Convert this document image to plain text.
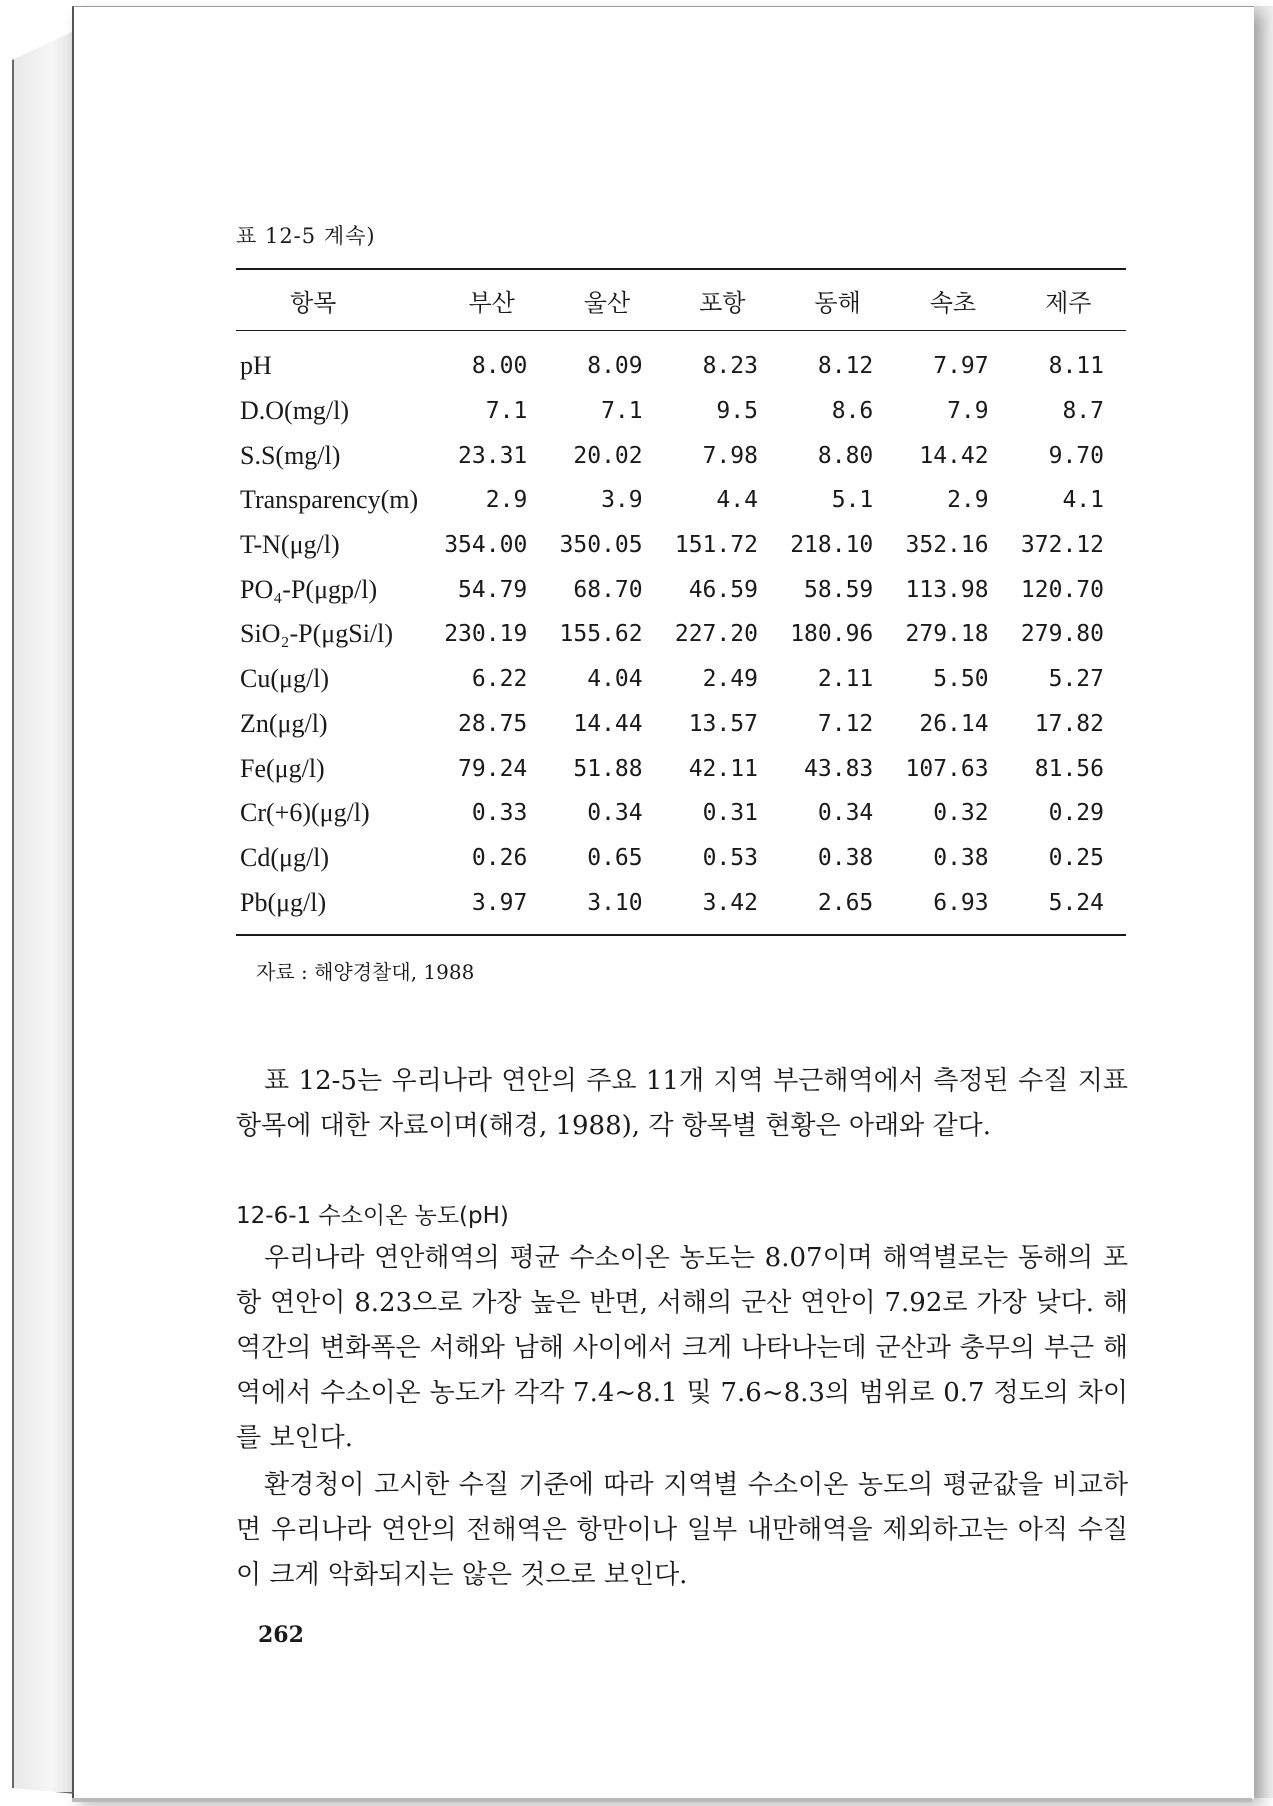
표 12-5 계속)
항목	부산	울산	포항	동해	속초	제주
pH	8.00	8.09	8.23	8.12	7.97	8.11
D.O(mg/l)	7.1	7.1	9.5	8.6	7.9	8.7
S.S(mg/l)	23.31	20.02	7.98	8.80	14.42	9.70
Transparency(m)	2.9	3.9	4.4	5.1	2.9	4.1
T-N(μg/l)	354.00	350.05	151.72	218.10	352.16	372.12
PO₄-P(μgp/l)	54.79	68.70	46.59	58.59	113.98	120.70
SiO₂-P(μgSi/l)	230.19	155.62	227.20	180.96	279.18	279.80
Cu(μg/l)	6.22	4.04	2.49	2.11	5.50	5.27
Zn(μg/l)	28.75	14.44	13.57	7.12	26.14	17.82
Fe(μg/l)	79.24	51.88	42.11	43.83	107.63	81.56
Cr(+6)(μg/l)	0.33	0.34	0.31	0.34	0.32	0.29
Cd(μg/l)	0.26	0.65	0.53	0.38	0.38	0.25
Pb(μg/l)	3.97	3.10	3.42	2.65	6.93	5.24
자료 : 해양경찰대, 1988

표 12-5는 우리나라 연안의 주요 11개 지역 부근해역에서 측정된 수질 지표 항목에 대한 자료이며(해경, 1988), 각 항목별 현황은 아래와 같다.

12-6-1 수소이온 농도(pH)

우리나라 연안해역의 평균 수소이온 농도는 8.07이며 해역별로는 동해의 포항 연안이 8.23으로 가장 높은 반면, 서해의 군산 연안이 7.92로 가장 낮다. 해역간의 변화폭은 서해와 남해 사이에서 크게 나타나는데 군산과 충무의 부근 해역에서 수소이온 농도가 각각 7.4~8.1 및 7.6~8.3의 범위로 0.7 정도의 차이를 보인다.

환경청이 고시한 수질 기준에 따라 지역별 수소이온 농도의 평균값을 비교하면 우리나라 연안의 전해역은 항만이나 일부 내만해역을 제외하고는 아직 수질이 크게 악화되지는 않은 것으로 보인다.

262
